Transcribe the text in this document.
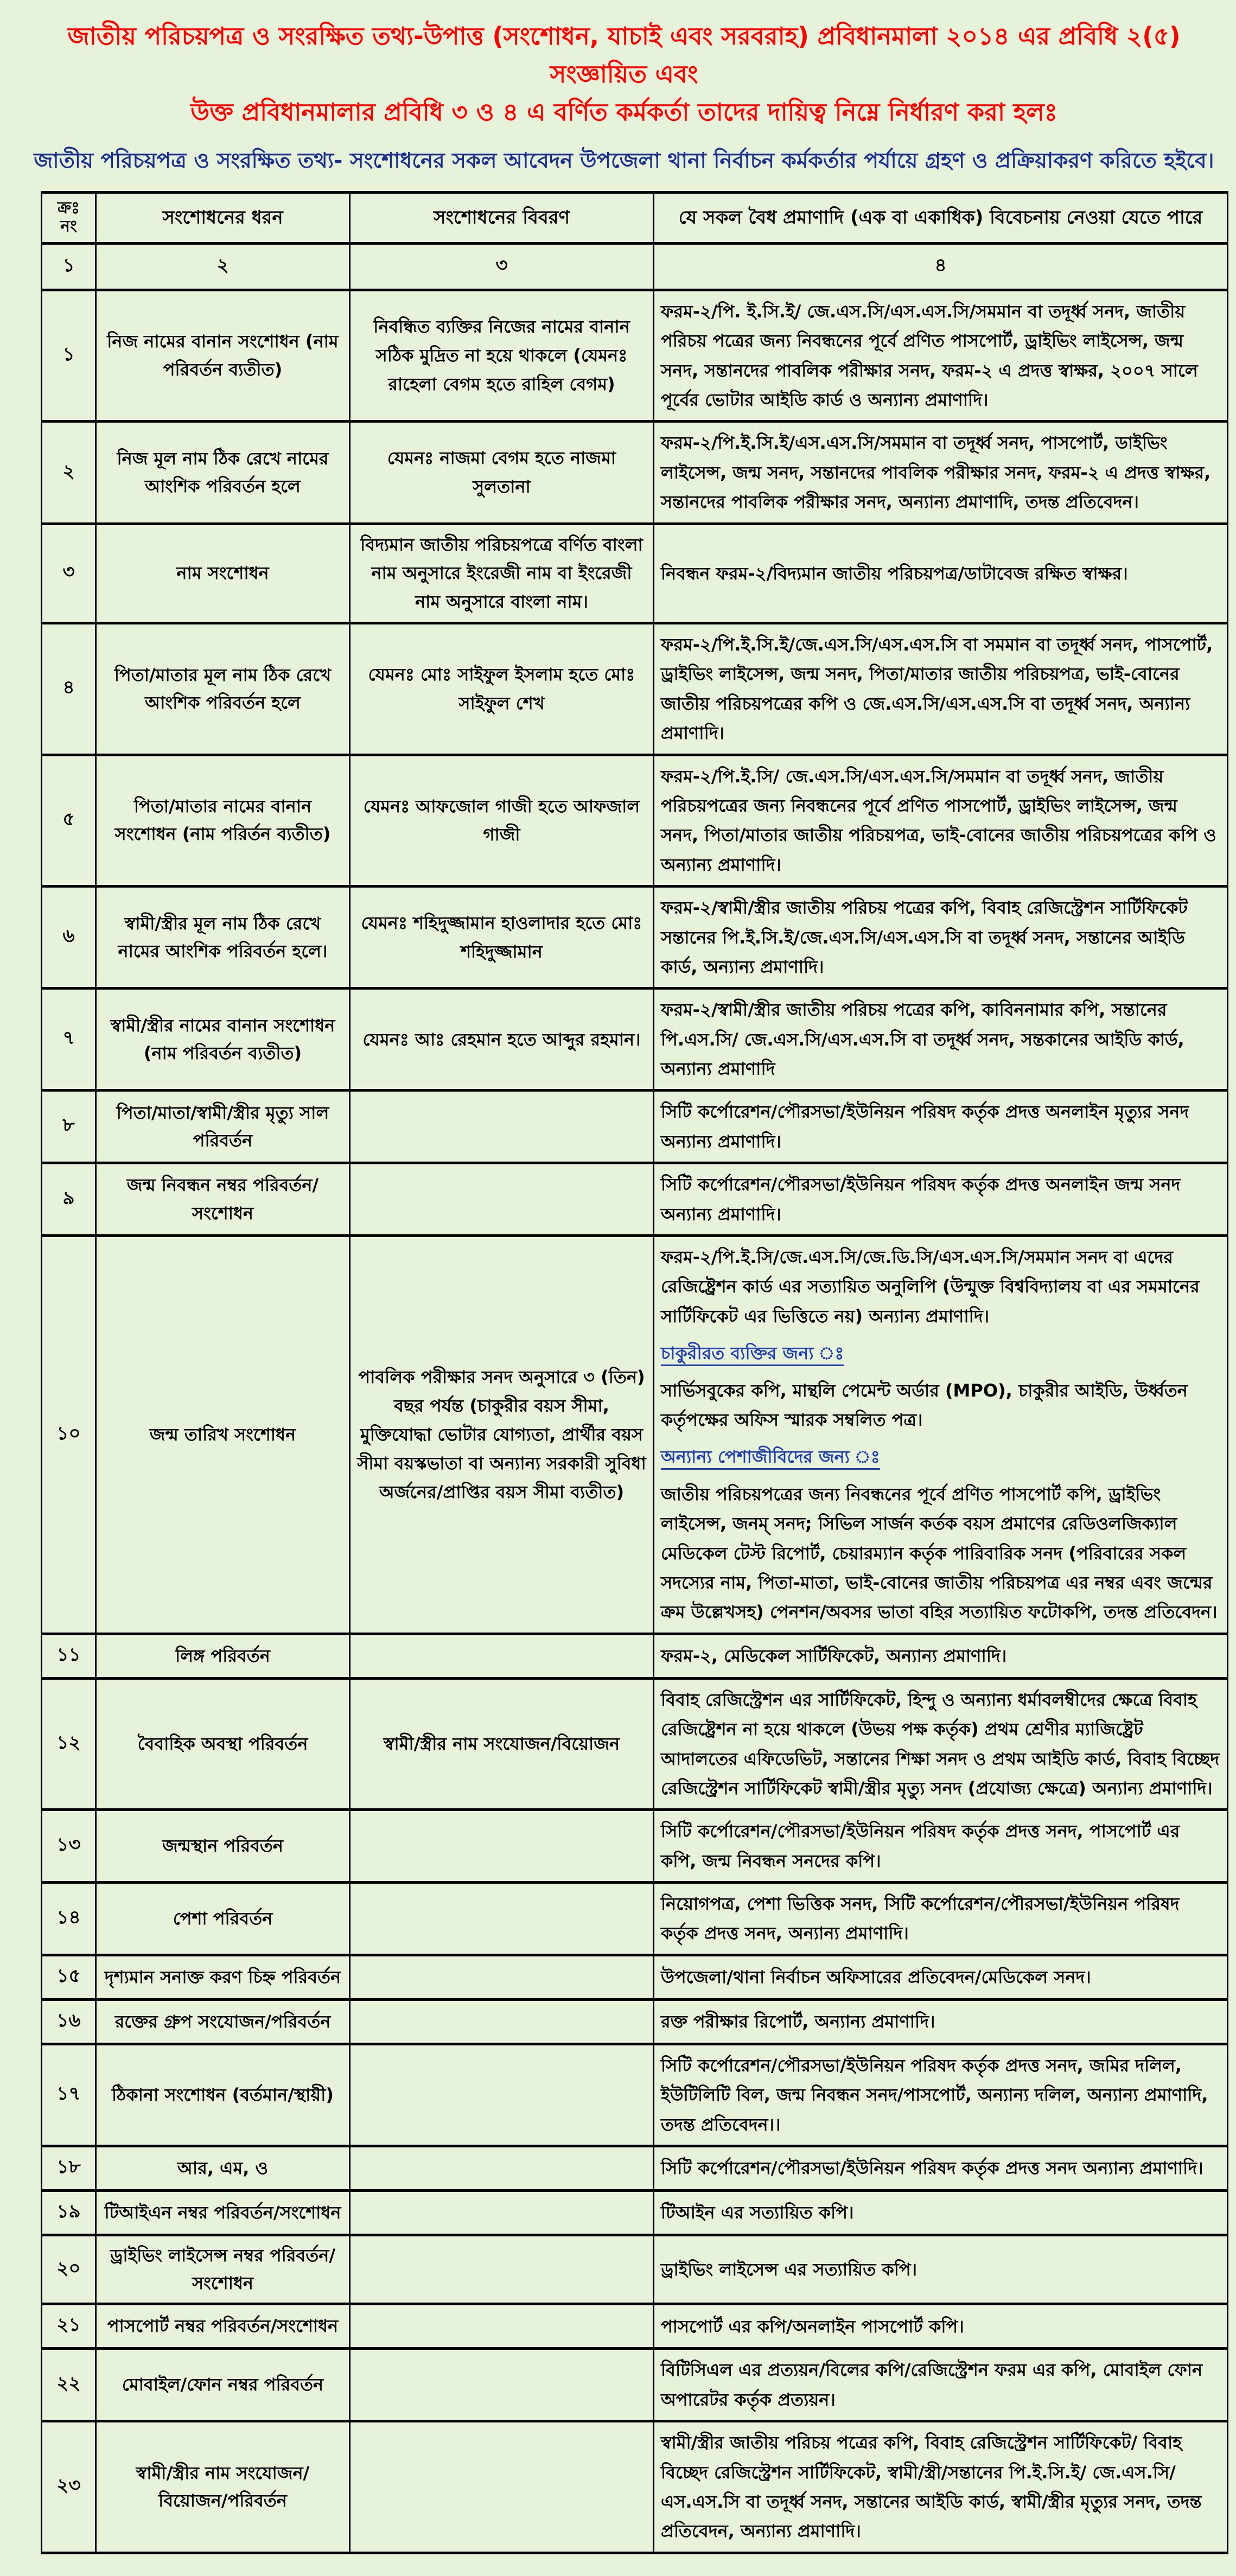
জাতীয় পরিচয়পত্র ও সংরক্ষিত তথ্য-উপাত্ত (সংশোধন, যাচাই এবং সরবরাহ) প্রবিধানমালা ২০১৪ এর প্রবিধি ২(৫) সংজ্ঞায়িত এবং
উক্ত প্রবিধানমালার প্রবিধি ৩ ও ৪ এ বর্ণিত কর্মকর্তা তাদের দায়িত্ব নিম্নে নির্ধারণ করা হলঃ
জাতীয় পরিচয়পত্র ও সংরক্ষিত তথ্য- সংশোধনের সকল আবেদন উপজেলা থানা নির্বাচন কর্মকর্তার পর্যায়ে গ্রহণ ও প্রক্রিয়াকরণ করিতে হইবে।
ক্রঃ নং	সংশোধনের ধরন	সংশোধনের বিবরণ	যে সকল বৈধ প্রমাণাদি (এক বা একাধিক) বিবেচনায় নেওয়া যেতে পারে
১	২	৩	৪
১	নিজ নামের বানান সংশোধন (নাম পরিবর্তন ব্যতীত)	নিবন্ধিত ব্যক্তির নিজের নামের বানান সঠিক মুদ্রিত না হয়ে থাকলে (যেমনঃ রাহেলা বেগম হতে রাহিল বেগম)	ফরম-২/পি. ই.সি.ই/ জে.এস.সি/এস.এস.সি/সমমান বা তদূর্ধ্ব সনদ, জাতীয় পরিচয় পত্রের জন্য নিবন্ধনের পূর্বে প্রণিত পাসপোর্ট, ড্রাইভিং লাইসেন্স, জন্ম সনদ, সন্তানদের পাবলিক পরীক্ষার সনদ, ফরম-২ এ প্রদত্ত স্বাক্ষর, ২০০৭ সালে পূর্বের ভোটার আইডি কার্ড ও অন্যান্য প্রমাণাদি।

২	নিজ মূল নাম ঠিক রেখে নামের আংশিক পরিবর্তন হলে	যেমনঃ নাজমা বেগম হতে নাজমা সুলতানা	ফরম-২/পি.ই.সি.ই/এস.এস.সি/সমমান বা তদূর্ধ্ব সনদ, পাসপোর্ট, ডাইভিং লাইসেন্স, জন্ম সনদ, সন্তানদের পাবলিক পরীক্ষার সনদ, ফরম-২ এ প্রদত্ত স্বাক্ষর, সন্তানদের পাবলিক পরীক্ষার সনদ, অন্যান্য প্রমাণাদি, তদন্ত প্রতিবেদন।

৩	নাম সংশোধন	বিদ্যমান জাতীয় পরিচয়পত্রে বর্ণিত বাংলা নাম অনুসারে ইংরেজী নাম বা ইংরেজী নাম অনুসারে বাংলা নাম।	নিবন্ধন ফরম-২/বিদ্যমান জাতীয় পরিচয়পত্র/ডাটাবেজ রক্ষিত স্বাক্ষর।

৪	পিতা/মাতার মূল নাম ঠিক রেখে আংশিক পরিবর্তন হলে	যেমনঃ মোঃ সাইফুল ইসলাম হতে মোঃ সাইফুল শেখ	ফরম-২/পি.ই.সি.ই/জে.এস.সি/এস.এস.সি বা সমমান বা তদূর্ধ্ব সনদ, পাসপোর্ট, ড্রাইভিং লাইসেন্স, জন্ম সনদ, পিতা/মাতার জাতীয় পরিচয়পত্র, ভাই-বোনের জাতীয় পরিচয়পত্রের কপি ও জে.এস.সি/এস.এস.সি বা তদূর্ধ্ব সনদ, অন্যান্য প্রমাণাদি।

৫	পিতা/মাতার নামের বানান সংশোধন (নাম পরির্তন ব্যতীত)	যেমনঃ আফজোল গাজী হতে আফজাল গাজী	ফরম-২/পি.ই.সি/ জে.এস.সি/এস.এস.সি/সমমান বা তদূর্ধ্ব সনদ, জাতীয় পরিচয়পত্রের জন্য নিবন্ধনের পূর্বে প্রণিত পাসপোর্ট, ড্রাইভিং লাইসেন্স, জন্ম সনদ, পিতা/মাতার জাতীয় পরিচয়পত্র, ভাই-বোনের জাতীয় পরিচয়পত্রের কপি ও অন্যান্য প্রমাণাদি।

৬	স্বামী/স্ত্রীর মূল নাম ঠিক রেখে নামের আংশিক পরিবর্তন হলে।	যেমনঃ শহিদুজ্জামান হাওলাদার হতে মোঃ শহিদুজ্জামান	ফরম-২/স্বামী/স্ত্রীর জাতীয় পরিচয় পত্রের কপি, বিবাহ রেজিস্ট্রেশন সার্টিফিকেট সন্তানের পি.ই.সি.ই/জে.এস.সি/এস.এস.সি বা তদূর্ধ্ব সনদ, সন্তানের আইডি কার্ড, অন্যান্য প্রমাণাদি।

৭	স্বামী/স্ত্রীর নামের বানান সংশোধন (নাম পরিবর্তন ব্যতীত)	যেমনঃ আঃ রেহমান হতে আব্দুর রহমান।	ফরম-২/স্বামী/স্ত্রীর জাতীয় পরিচয় পত্রের কপি, কাবিননামার কপি, সন্তানের পি.এস.সি/ জে.এস.সি/এস.এস.সি বা তদূর্ধ্ব সনদ, সন্তকানের আইডি কার্ড, অন্যান্য প্রমাণাদি

৮	পিতা/মাতা/স্বামী/স্ত্রীর মৃত্যু সাল পরিবর্তন		সিটি কর্পোরেশন/পৌরসভা/ইউনিয়ন পরিষদ কর্তৃক প্রদত্ত অনলাইন মৃত্যুর সনদ অন্যান্য প্রমাণাদি।

৯	জন্ম নিবন্ধন নম্বর পরিবর্তন/সংশোধন		সিটি কর্পোরেশন/পৌরসভা/ইউনিয়ন পরিষদ কর্তৃক প্রদত্ত অনলাইন জন্ম সনদ অন্যান্য প্রমাণাদি।

১০	জন্ম তারিখ সংশোধন	পাবলিক পরীক্ষার সনদ অনুসারে ৩ (তিন) বছর পর্যন্ত (চাকুরীর বয়স সীমা, মুক্তিযোদ্ধা ভোটার যোগ্যতা, প্রার্থীর বয়স সীমা বয়স্কভাতা বা অন্যান্য সরকারী সুবিধা অর্জনের/প্রাপ্তির বয়স সীমা ব্যতীত)	ফরম-২/পি.ই.সি/জে.এস.সি/জে.ডি.সি/এস.এস.সি/সমমান সনদ বা এদের রেজিষ্ট্রেশন কার্ড এর সত্যায়িত অনুলিপি (উন্মুক্ত বিশ্ববিদ্যালয বা এর সমমানের সার্টিফিকেট এর ভিত্তিতে নয়) অন্যান্য প্রমাণাদি।
চাকুরীরত ব্যক্তির জন্য ঃ
সার্ভিসবুকের কপি, মান্থলি পেমেন্ট অর্ডার (MPO), চাকুরীর আইডি, উর্ধ্বতন কর্তৃপক্ষের অফিস স্মারক সম্বলিত পত্র।
অন্যান্য পেশাজীবিদের জন্য ঃ
জাতীয় পরিচয়পত্রের জন্য নিবন্ধনের পূর্বে প্রণিত পাসপোর্ট কপি, ড্রাইভিং লাইসেন্স, জনম্ সনদ; সিভিল সার্জন কর্তক বয়স প্রমাণের রেডিওলজিক্যাল মেডিকেল টেস্ট রিপোর্ট, চেয়ারম্যান কর্তৃক পারিবারিক সনদ (পরিবারের সকল সদস্যের নাম, পিতা-মাতা, ভাই-বোনের জাতীয় পরিচয়পত্র এর নম্বর এবং জন্মের ক্রম উল্লেখসহ) পেনশন/অবসর ভাতা বহির সত্যায়িত ফটোকপি, তদন্ত প্রতিবেদন।

১১	লিঙ্গ পরিবর্তন		ফরম-২, মেডিকেল সার্টিফিকেট, অন্যান্য প্রমাণাদি।

১২	বৈবাহিক অবস্থা পরিবর্তন	স্বামী/স্ত্রীর নাম সংযোজন/বিয়োজন	বিবাহ রেজিস্ট্রেশন এর সার্টিফিকেট, হিন্দু ও অন্যান্য ধর্মাবলম্বীদের ক্ষেত্রে বিবাহ রেজিষ্ট্রেশন না হয়ে থাকলে (উভয় পক্ষ কর্তৃক) প্রথম শ্রেণীর ম্যাজিষ্ট্রেট আদালতের এফিডেভিট, সন্তানের শিক্ষা সনদ ও প্রথম আইডি কার্ড, বিবাহ বিচ্ছেদ রেজিস্ট্রেশন সার্টিফিকেট স্বামী/স্ত্রীর মৃত্যু সনদ (প্রযোজ্য ক্ষেত্রে) অন্যান্য প্রমাণাদি।

১৩	জন্মস্থান পরিবর্তন		সিটি কর্পোরেশন/পৌরসভা/ইউনিয়ন পরিষদ কর্তৃক প্রদত্ত সনদ, পাসপোর্ট এর কপি, জন্ম নিবন্ধন সনদের কপি।

১৪	পেশা পরিবর্তন		নিয়োগপত্র, পেশা ভিত্তিক সনদ, সিটি কর্পোরেশন/পৌরসভা/ইউনিয়ন পরিষদ কর্তৃক প্রদত্ত সনদ, অন্যান্য প্রমাণাদি।

১৫	দৃশ্যমান সনাক্ত করণ চিহ্ন পরিবর্তন		উপজেলা/থানা নির্বাচন অফিসারের প্রতিবেদন/মেডিকেল সনদ।

১৬	রক্তের গ্রুপ সংযোজন/পরিবর্তন		রক্ত পরীক্ষার রিপোর্ট, অন্যান্য প্রমাণাদি।

১৭	ঠিকানা সংশোধন (বর্তমান/স্থায়ী)		সিটি কর্পোরেশন/পৌরসভা/ইউনিয়ন পরিষদ কর্তৃক প্রদত্ত সনদ, জমির দলিল, ইউটিলিটি বিল, জন্ম নিবন্ধন সনদ/পাসপোর্ট, অন্যান্য দলিল, অন্যান্য প্রমাণাদি, তদন্ত প্রতিবেদন।।

১৮	আর, এম, ও		সিটি কর্পোরেশন/পৌরসভা/ইউনিয়ন পরিষদ কর্তৃক প্রদত্ত সনদ অন্যান্য প্রমাণাদি।

১৯	টিআইএন নম্বর পরিবর্তন/সংশোধন		টিআইন এর সত্যায়িত কপি।

২০	ড্রাইভিং লাইসেন্স নম্বর পরিবর্তন/সংশোধন		ড্রাইভিং লাইসেন্স এর সত্যায়িত কপি।

২১	পাসপোর্ট নম্বর পরিবর্তন/সংশোধন		পাসপোর্ট এর কপি/অনলাইন পাসপোর্ট কপি।

২২	মোবাইল/ফোন নম্বর পরিবর্তন		বিটিসিএল এর প্রত্যয়ন/বিলের কপি/রেজিস্ট্রেশন ফরম এর কপি, মোবাইল ফোন অপারেটর কর্তৃক প্রত্যয়ন।

২৩	স্বামী/স্ত্রীর নাম সংযোজন/ বিয়োজন/পরিবর্তন		স্বামী/স্ত্রীর জাতীয় পরিচয় পত্রের কপি, বিবাহ রেজিস্ট্রেশন সার্টিফিকেট/ বিবাহ বিচ্ছেদ রেজিস্ট্রেশন সার্টিফিকেট, স্বামী/স্ত্রী/সন্তানের পি.ই.সি.ই/ জে.এস.সি/ এস.এস.সি বা তদূর্ধ্ব সনদ, সন্তানের আইডি কার্ড, স্বামী/স্ত্রীর মৃত্যুর সনদ, তদন্ত প্রতিবেদন, অন্যান্য প্রমাণাদি।
